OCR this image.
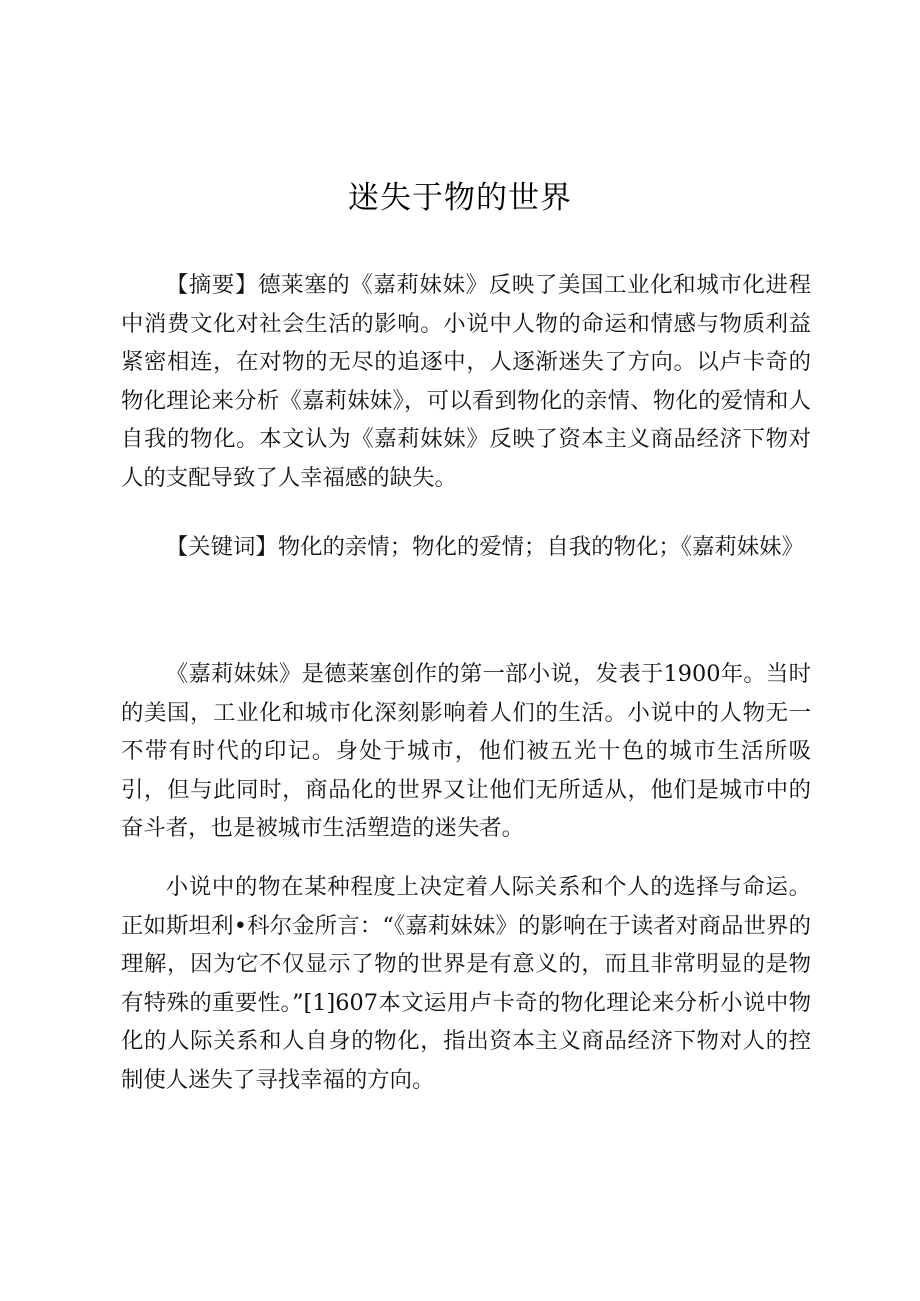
迷失于物的世界

【摘要】德莱塞的《嘉莉妹妹》反映了美国工业化和城市化进程中消费文化对社会生活的影响。小说中人物的命运和情感与物质利益紧密相连，在对物的无尽的追逐中，人逐渐迷失了方向。以卢卡奇的物化理论来分析《嘉莉妹妹》，可以看到物化的亲情、物化的爱情和人自我的物化。本文认为《嘉莉妹妹》反映了资本主义商品经济下物对人的支配导致了人幸福感的缺失。

【关键词】物化的亲情；物化的爱情；自我的物化；《嘉莉妹妹》

《嘉莉妹妹》是德莱塞创作的第一部小说，发表于1900年。当时的美国，工业化和城市化深刻影响着人们的生活。小说中的人物无一不带有时代的印记。身处于城市，他们被五光十色的城市生活所吸引，但与此同时，商品化的世界又让他们无所适从，他们是城市中的奋斗者，也是被城市生活塑造的迷失者。

小说中的物在某种程度上决定着人际关系和个人的选择与命运。正如斯坦利•科尔金所言：“《嘉莉妹妹》的影响在于读者对商品世界的理解，因为它不仅显示了物的世界是有意义的，而且非常明显的是物有特殊的重要性。”[1]607本文运用卢卡奇的物化理论来分析小说中物化的人际关系和人自身的物化，指出资本主义商品经济下物对人的控制使人迷失了寻找幸福的方向。
